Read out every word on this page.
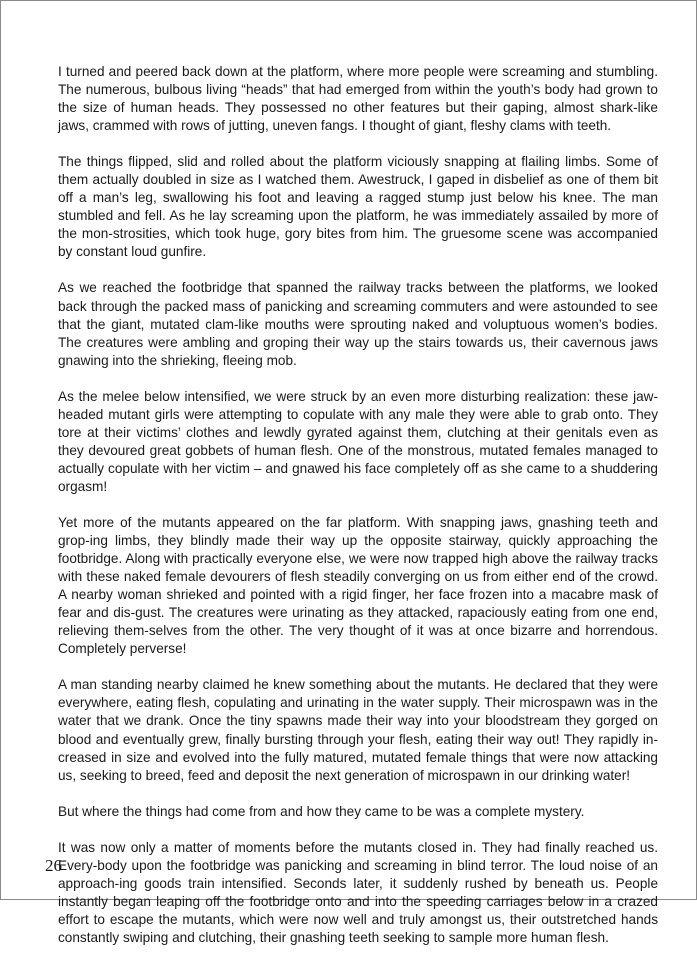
I turned and peered back down at the platform, where more people were screaming and stumbling. The numerous, bulbous living “heads” that had emerged from within the youth’s body had grown to the size of human heads. They possessed no other features but their gaping, almost shark-like jaws, crammed with rows of jutting, uneven fangs. I thought of giant, fleshy clams with teeth.

The things flipped, slid and rolled about the platform viciously snapping at flailing limbs. Some of them actually doubled in size as I watched them. Awestruck, I gaped in disbelief as one of them bit off a man’s leg, swallowing his foot and leaving a ragged stump just below his knee. The man stumbled and fell. As he lay screaming upon the platform, he was immediately assailed by more of the mon-strosities, which took huge, gory bites from him. The gruesome scene was accompanied by constant loud gunfire.

As we reached the footbridge that spanned the railway tracks between the platforms, we looked back through the packed mass of panicking and screaming commuters and were astounded to see that the giant, mutated clam-like mouths were sprouting naked and voluptuous women’s bodies. The creatures were ambling and groping their way up the stairs towards us, their cavernous jaws gnawing into the shrieking, fleeing mob.

As the melee below intensified, we were struck by an even more disturbing realization: these jaw-headed mutant girls were attempting to copulate with any male they were able to grab onto. They tore at their victims’ clothes and lewdly gyrated against them, clutching at their genitals even as they devoured great gobbets of human flesh. One of the monstrous, mutated females managed to actually copulate with her victim – and gnawed his face completely off as she came to a shuddering orgasm!

Yet more of the mutants appeared on the far platform. With snapping jaws, gnashing teeth and grop-ing limbs, they blindly made their way up the opposite stairway, quickly approaching the footbridge. Along with practically everyone else, we were now trapped high above the railway tracks with these naked female devourers of flesh steadily converging on us from either end of the crowd. A nearby woman shrieked and pointed with a rigid finger, her face frozen into a macabre mask of fear and dis-gust. The creatures were urinating as they attacked, rapaciously eating from one end, relieving them-selves from the other. The very thought of it was at once bizarre and horrendous. Completely perverse!

A man standing nearby claimed he knew something about the mutants. He declared that they were everywhere, eating flesh, copulating and urinating in the water supply. Their microspawn was in the water that we drank. Once the tiny spawns made their way into your bloodstream they gorged on blood and eventually grew, finally bursting through your flesh, eating their way out! They rapidly in-creased in size and evolved into the fully matured, mutated female things that were now attacking us, seeking to breed, feed and deposit the next generation of microspawn in our drinking water!

But where the things had come from and how they came to be was a complete mystery.

It was now only a matter of moments before the mutants closed in. They had finally reached us. Every-body upon the footbridge was panicking and screaming in blind terror. The loud noise of an approach-ing goods train intensified. Seconds later, it suddenly rushed by beneath us. People instantly began leaping off the footbridge onto and into the speeding carriages below in a crazed effort to escape the mutants, which were now well and truly amongst us, their outstretched hands constantly swiping and clutching, their gnashing teeth seeking to sample more human flesh.

26
